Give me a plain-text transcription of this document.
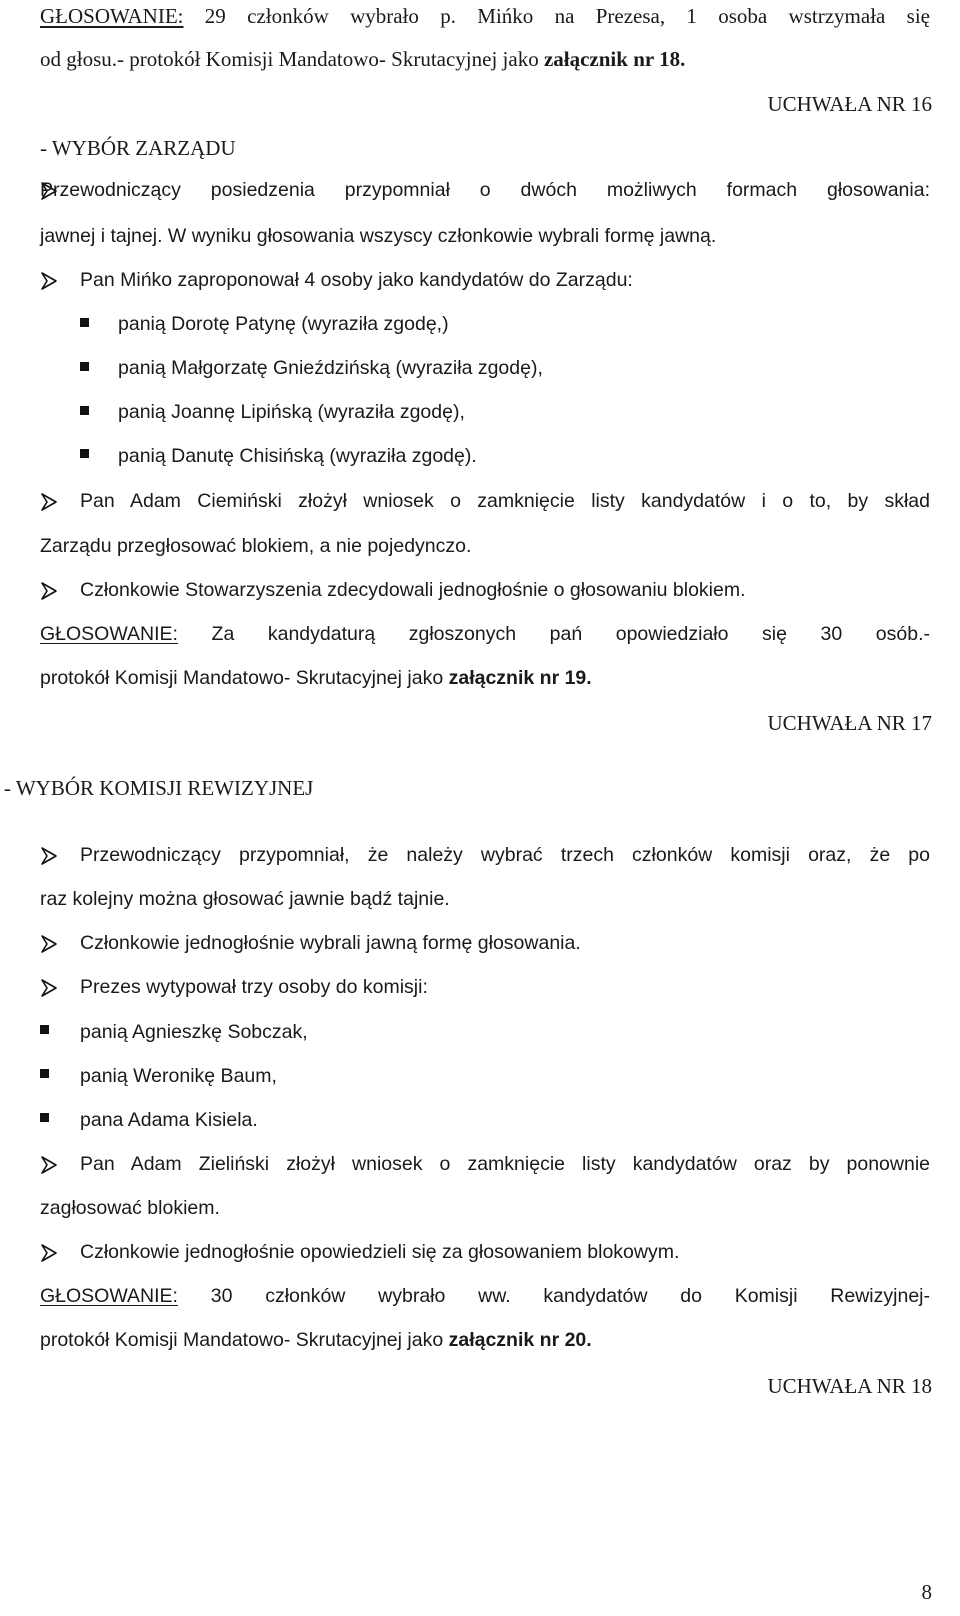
GŁOSOWANIE: 29 członków wybrało p. Mińko na Prezesa, 1 osoba wstrzymała się
od głosu.- protokół Komisji Mandatowo- Skrutacyjnej jako załącznik nr 18.
UCHWAŁA NR 16
- WYBÓR ZARZĄDU
Przewodniczący posiedzenia przypomniał o dwóch możliwych formach głosowania:
jawnej i tajnej. W wyniku głosowania wszyscy członkowie wybrali formę jawną.
Pan Mińko zaproponował 4 osoby jako kandydatów do Zarządu:
panią Dorotę Patynę (wyraziła zgodę,)
panią Małgorzatę Gnieździńską (wyraziła zgodę),
panią Joannę Lipińską (wyraziła zgodę),
panią Danutę Chisińską (wyraziła zgodę).
Pan Adam Ciemiński złożył wniosek o zamknięcie listy kandydatów i o to, by skład
Zarządu przegłosować blokiem, a nie pojedynczo.
Członkowie Stowarzyszenia zdecydowali jednogłośnie o głosowaniu blokiem.
GŁOSOWANIE: Za kandydaturą zgłoszonych pań opowiedziało się 30 osób.-
protokół Komisji Mandatowo- Skrutacyjnej jako załącznik nr 19.
UCHWAŁA NR 17
- WYBÓR KOMISJI REWIZYJNEJ
Przewodniczący przypomniał, że należy wybrać trzech członków komisji oraz, że po
raz kolejny można głosować jawnie bądź tajnie.
Członkowie jednogłośnie wybrali jawną formę głosowania.
Prezes wytypował trzy osoby do komisji:
panią Agnieszkę Sobczak,
panią Weronikę Baum,
pana Adama Kisiela.
Pan Adam Zieliński złożył wniosek o zamknięcie listy kandydatów oraz by ponownie
zagłosować blokiem.
Członkowie jednogłośnie opowiedzieli się za głosowaniem blokowym.
GŁOSOWANIE: 30 członków wybrało ww. kandydatów do Komisji Rewizyjnej-
protokół Komisji Mandatowo- Skrutacyjnej jako załącznik nr 20.
UCHWAŁA NR 18
8
